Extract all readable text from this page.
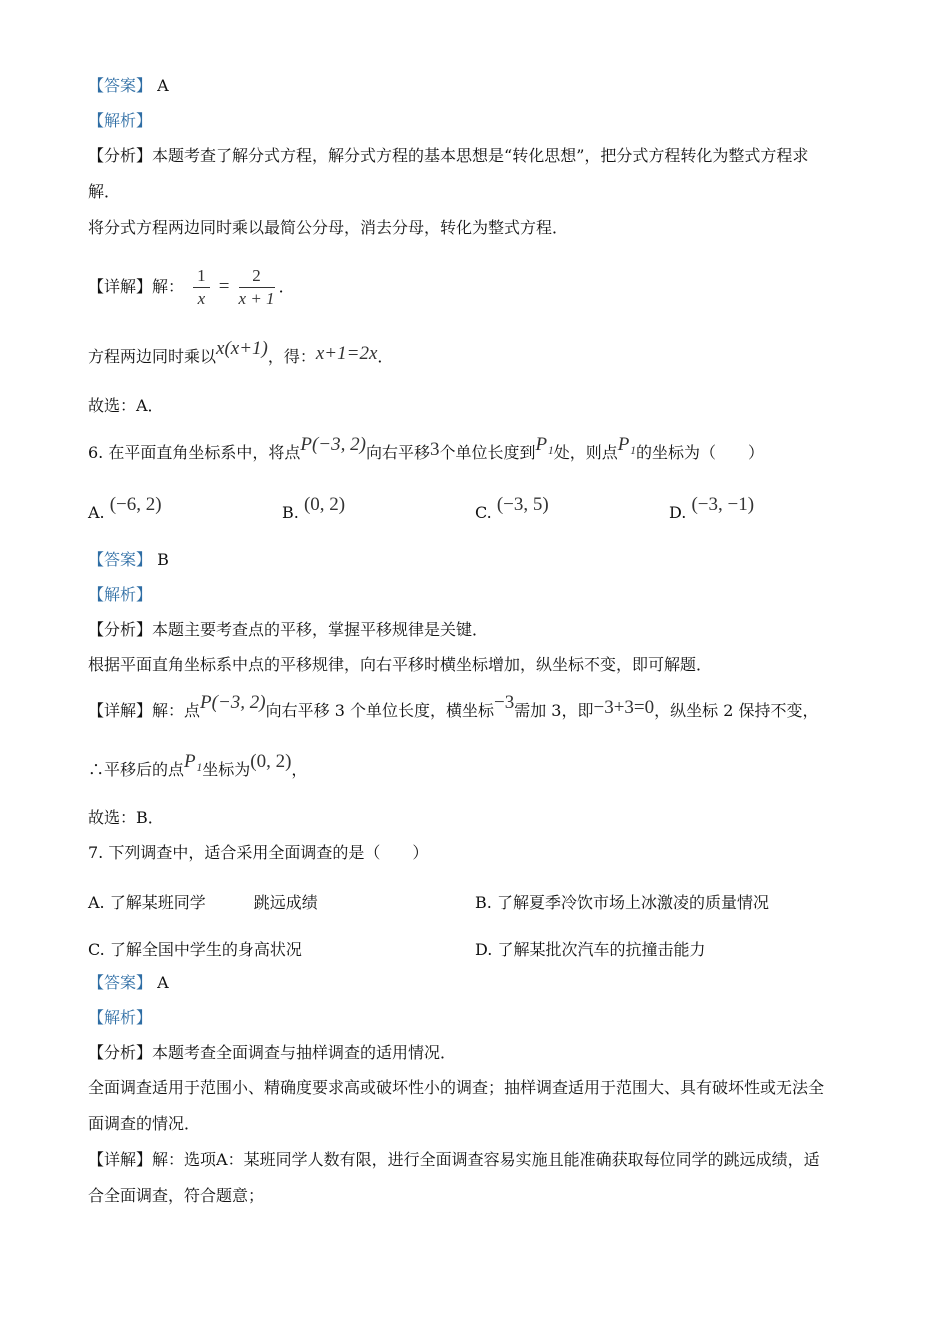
【答案】 A
【解析】
【分析】本题考查了解分式方程，解分式方程的基本思想是“转化思想”，把分式方程转化为整式方程求
解．
将分式方程两边同时乘以最简公分母，消去分母，转化为整式方程．
【详解】解： $\frac{1}{x} = \frac{2}{x + 1}$ ．
方程两边同时乘以x(x+1)，得：x+1=2x．
故选：A．
6. 在平面直角坐标系中，将点P(−3, 2)向右平移3个单位长度到P₁处，则点P₁的坐标为（　　）
A. (−6, 2)	B. (0, 2)	C. (−3, 5)	D. (−3, −1)
【答案】 B
【解析】
【分析】本题主要考查点的平移，掌握平移规律是关键．
根据平面直角坐标系中点的平移规律，向右平移时横坐标增加，纵坐标不变，即可解题．
【详解】解：点P(−3, 2)向右平移 3 个单位长度，横坐标−3需加 3，即−3+3=0，纵坐标 2 保持不变，
∴平移后的点P₁坐标为(0, 2)，
故选：B．
7. 下列调查中，适合采用全面调查的是（　　）
A. 了解某班同学　　　跳远成绩	B. 了解夏季冷饮市场上冰激凌的质量情况
C. 了解全国中学生的身高状况	D. 了解某批次汽车的抗撞击能力
【答案】 A
【解析】
【分析】本题考查全面调查与抽样调查的适用情况．
全面调查适用于范围小、精确度要求高或破坏性小的调查；抽样调查适用于范围大、具有破坏性或无法全
面调查的情况．
【详解】解：选项A：某班同学人数有限，进行全面调查容易实施且能准确获取每位同学的跳远成绩，适
合全面调查，符合题意；
